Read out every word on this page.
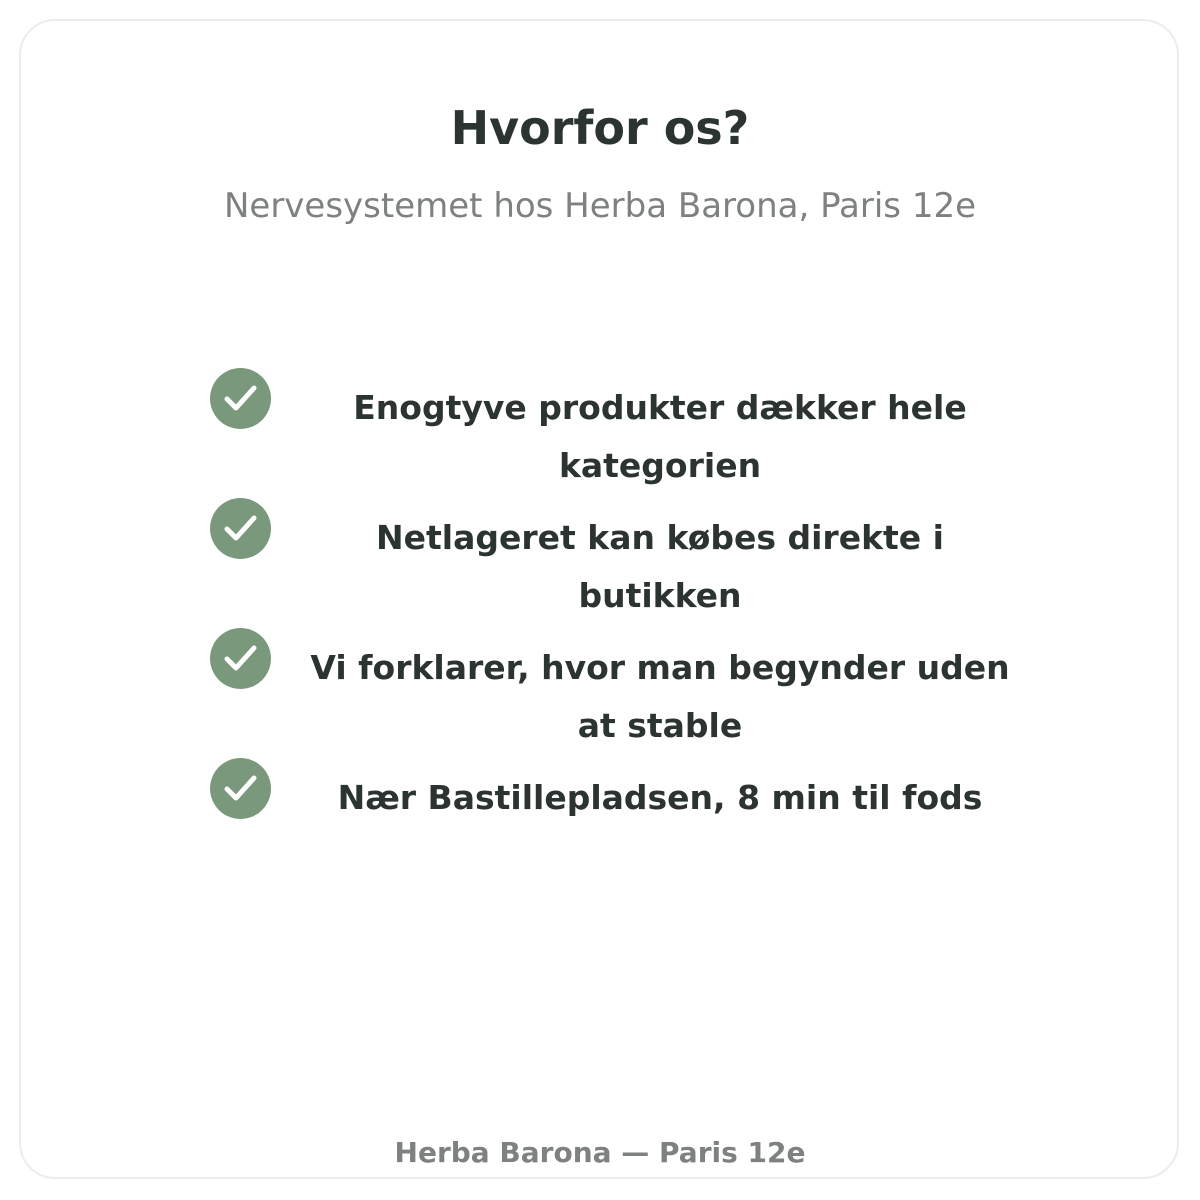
Hvorfor os?

Nervesystemet hos Herba Barona, Paris 12e

Enogtyve produkter dækker hele kategorien
Netlageret kan købes direkte i butikken
Vi forklarer, hvor man begynder uden at stable
Nær Bastillepladsen, 8 min til fods

Herba Barona — Paris 12e
